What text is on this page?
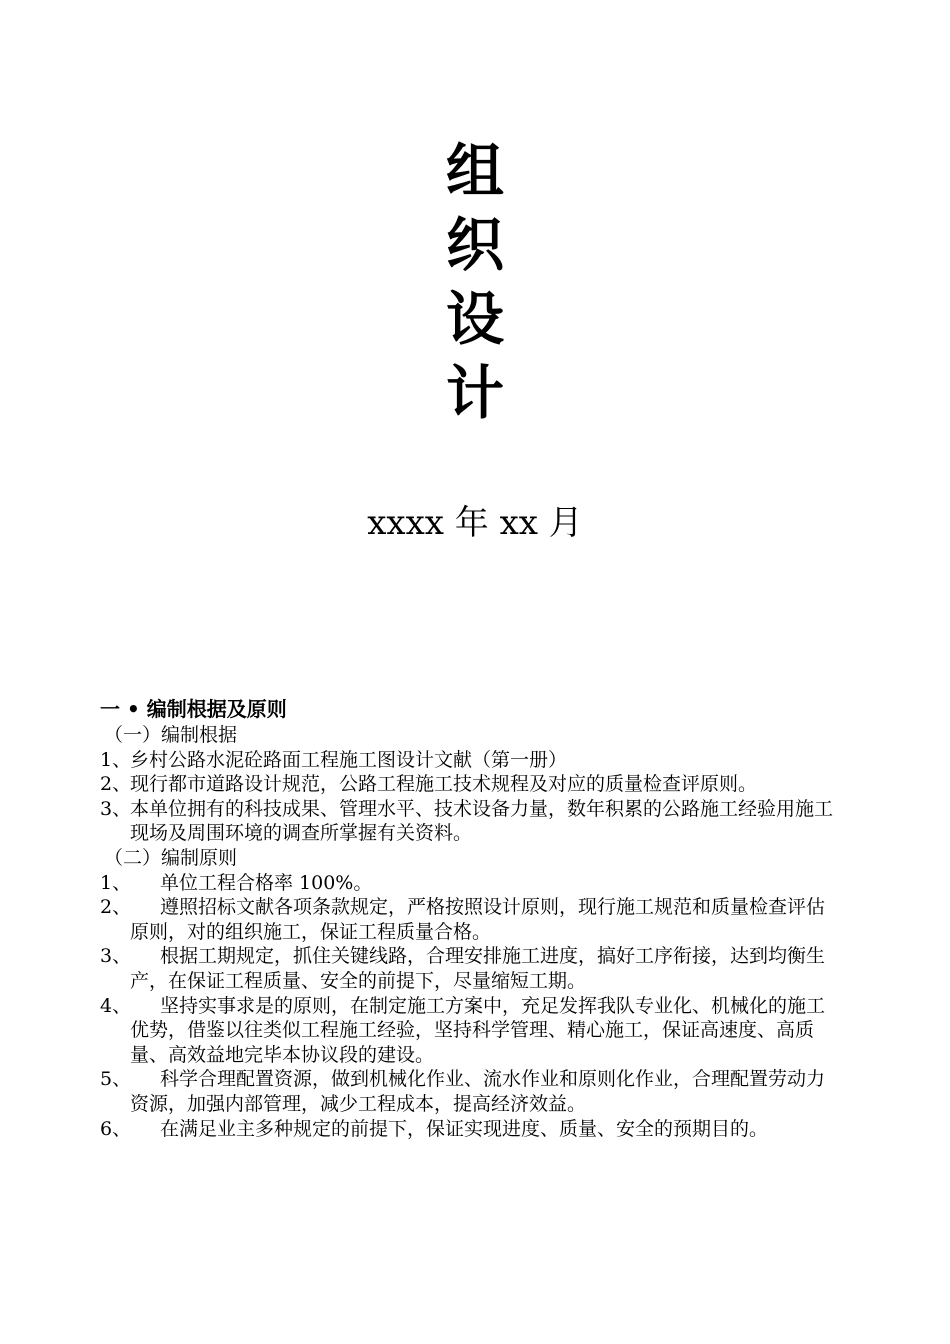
组
织
设
计
xxxx 年 xx 月

一 • 编制根据及原则

（一）编制根据

1、
乡村公路水泥砼路面工程施工图设计文献（第一册）
2、
现行都市道路设计规范，公路工程施工技术规程及对应的质量检查评原则。
3、
本单位拥有的科技成果、管理水平、技术设备力量，数年积累的公路施工经验用施工现场及周围环境的调查所掌握有关资料。

（二）编制原则

1、	单位工程合格率 100%。
2、	遵照招标文献各项条款规定，严格按照设计原则，现行施工规范和质量检查评估原则，对的组织施工，保证工程质量合格。
3、	根据工期规定，抓住关键线路，合理安排施工进度，搞好工序衔接，达到均衡生产，在保证工程质量、安全的前提下，尽量缩短工期。
4、	坚持实事求是的原则，在制定施工方案中，充足发挥我队专业化、机械化的施工优势，借鉴以往类似工程施工经验，坚持科学管理、精心施工，保证高速度、高质量、高效益地完毕本协议段的建设。
5、	科学合理配置资源，做到机械化作业、流水作业和原则化作业，合理配置劳动力资源，加强内部管理，减少工程成本，提高经济效益。
6、	在满足业主多种规定的前提下，保证实现进度、质量、安全的预期目的。
